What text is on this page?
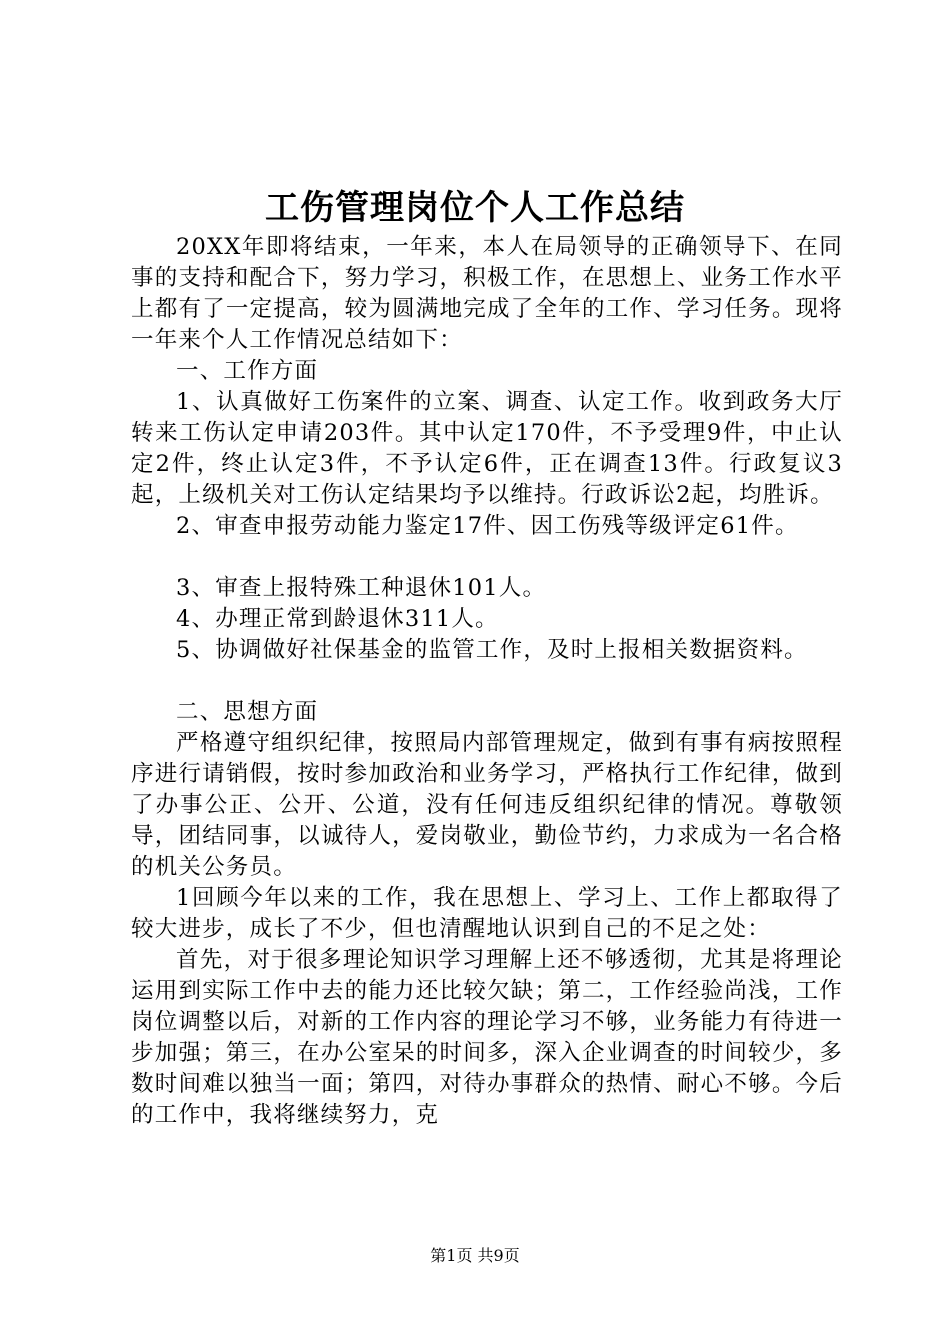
工伤管理岗位个人工作总结

20XX年即将结束，一年来，本人在局领导的正确领导下、在同事的支持和配合下，努力学习，积极工作，在思想上、业务工作水平上都有了一定提高，较为圆满地完成了全年的工作、学习任务。现将一年来个人工作情况总结如下：

一、工作方面

1、认真做好工伤案件的立案、调查、认定工作。收到政务大厅转来工伤认定申请203件。其中认定170件，不予受理9件，中止认定2件，终止认定3件，不予认定6件，正在调查13件。行政复议3起，上级机关对工伤认定结果均予以维持。行政诉讼2起，均胜诉。

2、审查申报劳动能力鉴定17件、因工伤残等级评定61件。

3、审查上报特殊工种退休101人。

4、办理正常到龄退休311人。

5、协调做好社保基金的监管工作，及时上报相关数据资料。

二、思想方面

严格遵守组织纪律，按照局内部管理规定，做到有事有病按照程序进行请销假，按时参加政治和业务学习，严格执行工作纪律，做到了办事公正、公开、公道，没有任何违反组织纪律的情况。尊敬领导，团结同事，以诚待人，爱岗敬业，勤俭节约，力求成为一名合格的机关公务员。

1回顾今年以来的工作，我在思想上、学习上、工作上都取得了较大进步，成长了不少，但也清醒地认识到自己的不足之处：

首先，对于很多理论知识学习理解上还不够透彻，尤其是将理论运用到实际工作中去的能力还比较欠缺；第二，工作经验尚浅，工作岗位调整以后，对新的工作内容的理论学习不够，业务能力有待进一步加强；第三，在办公室呆的时间多，深入企业调查的时间较少，多数时间难以独当一面；第四，对待办事群众的热情、耐心不够。今后的工作中，我将继续努力，克

第1页 共9页
